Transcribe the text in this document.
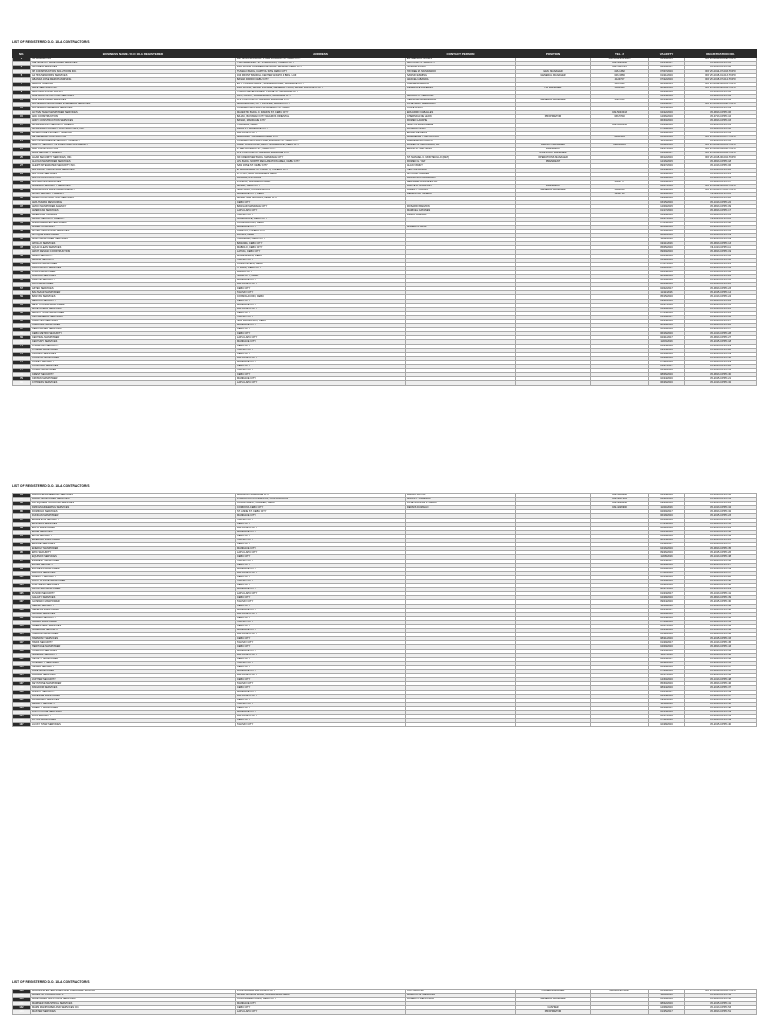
LIST OF REGISTERED D.O. 18-A CONTRACTOR/S
NO.	BUSINESS NAME / D.O 18-A REGISTERED	ADDRESS	CONTACT PERSON	POSITION	TEL. #	VALIDITY	REGISTRATION NO.
1	3G MARKETING	DR. 88 ROJAS BLDG. P. DEL ROSARIO ST. CEBU CITY	ESTRELLA D. ROJAS		260-3058/231-4885	12/10/2015	RO VII-2013-12-048-TCPO
2	3JE SKMPOTI MANPOWER SERVICES	7139 MABASSAY ST. POBLACION, TOLEDO CITY	JESTONIO S. SKMPOTI		032-3226466	01/15/2017	VII-0813-CPPO-05
3	3M CREW SERVICES	2ND FLOOR COMMERCIAL BLDG. BANILAD CEBU CITY	SUSANA PUNAY		032-5114725	04/30/2017	VII-1013-CPPO-06
4	3H CONSTRUCTION SOLUTIONS INC.	TUMALO BLDG, CAPITOL SITE CEBU CITY	HAYDEE M. MUNDANDO	GEN. MANAGER	416-1382	07/07/2016	RO VII-2014-07-003-TCPO
5	A4 HOUSEWORKS SERVICES	164 FRONT BANDILL CENTER ANGPO 4 BRG. LUZ	SANSIO ESMING	GENERAL MANAGER	343-3366	01/21/2016	RO VII-2015-01-013-TCPO
6	ABANDA JOSE MERCHANDISING	BASAK PARDO CEBU CITY	ARACELI ABANDA		4124707	07/22/2016	RO VII-2015-07-014-TCPO
7	ABAOG TRADING	EXT. TUNGKIL BLDG., SUMANDAN AVE., MANDAUE CITY	CARMENA ABAOG		3457040	06/10/2015	RO VII-2014-06-001-TCPO
8	ABLE SERVICES INC.	2ND FLOOR, BASAK VILLAGE, GENERAL TRIAS, BASAK LAPULAPU CITY	PENELOPE PALERMO	HR MANAGER	3464446	08/22/2016	RO VII-2015-08-009-TCPO
9	ABM INDUSTRIAL SUPPLY	TONDO DEVELOPMENT PLANE ST. MANDAUE CITY				02/26/2016	VII-1013-CPPO-03
10	ACE AUDIO & LIGHTING SERVICES	DPN, CANOY, SUBANGDAKU, MANDAUE CITY	ARNOLD C. VERZOSA			12/13/2016	VII-0813-CPPO-04
11	ACE MANPOWER SERVICES	A.S. FORTUNA ST. BANILAD MANDAUE CITY	HERMINIA ARMENDARIZ	GENERAL MANAGER	2387050	06/14/2016	VII-2015-CPPO-04
12	ACHIEVERS MANPOWER & GENERAL SERVICES	BAGUMBAYAN, CITY PROPER, MAASIN CITY	JOSE MARY ABELARDO			01/06/2017	RO VII-2013-12-008-TCPO
13	ACHIEVERS GENERAL SERVICES	CORNER LAPU-LAPU & URGELLO ST. CEBU	VIOLETA ROY			10/15/2016	VII-1013-CPPO-09
14	ACTIVE TEAM MANPOWER SERVICES	MAJESTIC BLDG. F. RAMOS ST. CEBU CITY	EDUARDO CABALLES		032-5043043	04/22/2016	VII-0813-CPPO-06
15	ADC CONSTRUCTION	BAJAC, BAYAWAN CITY NEGROS ORIENTAL	CHERNICA DE LEON	PROPRIETOR	333-5740	12/06/2016	VII-0713-CPPO-16
16	ADDY CONSTRUCTION SERVICES	BASAK, MANDAUE CITY	ROMEO LAVAPIE			06/30/2016	VII-0813-CPPO-03
17	ADVANCE ANTI-SECURITY AGENCY	TUBURAN, CEBU	SANTOS RASONABLE		032-6550043	01/26/2016	VII-2015-CPPO-01
18	ADVANCED PROJECT CONTRACTORS, INC.	RIZAL ST. MANDAUE CITY	ROSARIO GIDO			07/18/2016	VII-0813-CPPO-10
19	ADVENTURE PROJECT TRADING	LAPU-LAPU CITY	EDWIN DE LEON			02/28/2016	VII-1013-CPPO-14
20	AE GENERAL CONTRACTOR	BARANGAY TALAMBAN CEBU CITY	MARIBELLE T. DE CASTRO		3469-444	03/31/2016	RO VII-2013-12-007-TCPO
21	AFP INTELLIGENCE SECURITY AGENCY	CORNER LAPU-LAPU AVE, ESCARIO ST. CEBU CITY	DARLENE BATOBATO			11/15/2016	VII-2015-CPPO-05
22	AGILITY SECURITY & INVESTIGATION AGENCY	CAMP COMPOUND, BRGY. GUADALUPE, CEBU CITY	ROMEO G. DECOLAGO, JR.	BRANCH MANAGER	091858645	03/02/2016	RO VII-2016-03-001-TCPO
23	AGP CONSTRUCTION	P. DEL ROSARIO ST., CEBU CITY	ERWIN D. SANTIAGO	PRESIDENT		09/17/2016	RO VII-2015-09-002-TCPO
24	AIMS SECURITY AGENCY	A.S. FORTUNA ST. BANILAD MANDAUE CITY		ASSISTANT MANAGER		01/30/2017	RO VII-2013-12-004-TCPO
25	AGAR SECURITY SERVICES, INC.	3/F CREDOVER BLDG. MANDAUE CITY	ST. MANUEL C. MONTECILLO (RET)	OPERATIONS MANAGER		06/12/2016	RO VII-2015-06-004-TCPO
26	ALAYAN MANPOWER SERVICES	LPL BLDG. NORTH RECLAMATION AREA, CEBU CITY	ROMEO G. YAP	PRESIDENT		12/16/2015	VII-0813-CPPO-18
27	ALERT INTEGRATED SECURITY INC.	SAN JOSE ST. CEBU CITY	ALAN YAMUT			09/27/2016	VII-1013-CPPO-06
28	ALL FRONT INDUSTRIAL SERVICES	E. MACAPAGAL ST. LUNAY II, TOLEDO CITY	HECTOR BORJA			12/14/2015	VII-1013-CPPO-26
29	ALL STAR SERVICES	PIT HWY, BRG. BULAMBAN CEBU	ANTONIO SUAREZ			10/26/2016	VII-1013-CPPO-21
30	ALL-IN CONSTRUCTION	LANGUB, ASTURIAS	FRANCISCO ALVARADO			04/18/2016	VII-0813-CPPO-12
31	ALL-MAC ENTERPRISES	PONDOL, BULAMBAN CEBU	BERNABE GONZALES JR.		2661777	12/06/2015	VII-0813-CPPO-07
32	ALLEGRO SECURITY SERVICES	BASAK, CEBU CITY	DANTE D. RICAFORT	PRESIDENT		02/07/2016	RO VII-2014-02-003-TCPO
33	ALMAWORKS MANPOWER AGENCY	SANTIAGO, CONSOLACION	JAMES T. PAGUIO	GENERAL MANAGER	3964058	08/26/2016	RO VII-2015-07-003-TCPO
34	ALTEC SECURITY AGENCY	MANDAUE CITY, CEBU	REDENTOR TAÑEDO		5294718	06/20/2016	VII-0813-CPPO-11
35	AM&M CONSTRUCTION SERVICES	BASAK SAN NICOLAS, CEBU CITY				09/29/2016	VII-0813-CPPO-20
36	AMA HUMAN RESOURCE	CEBU CITY				03/15/2016	VII-1013-CPPO-22
37	AMCO MANPOWER AGENCY	BANILAD MANDAUE CITY	ROSARIO BANZON			12/09/2015	VII-0813-CPPO-09
38	AMERICAN SERVICES	LAPU-LAPU CITY	MARICEL CATANES			01/17/2016	VII-0813-CPPO-17
39	AMERICAN TRADING	TALISAY CITY	DINDO CUENCA			12/26/2016	VII-0813-CPPO-01
40	AMIGO SECURITY AGENCY	GUADALUPE, CEBU CITY				04/27/2016	VII-2015-CPPO-11
41	ANDROMEDA ENTERPRISES	CONSOLACION, CEBU				07/03/2016	VII-1013-CPPO-08
42	ANGEL'S LAUNDRY	MANDAUE CITY	ANGELITA CRUZ			08/08/2016	VII-2015-CPPO-07
43	ANTEC INDUSTRIAL SERVICES	CAMPUS, TOLEDO CITY				10/19/2016	VII-0813-CPPO-15
44	ANTIQUE MANPOWER	LILOAN, CEBU				06/01/2016	VII-1013-CPPO-19
45	APEX MANPOWER SERVICES	TALAMBAN, CEBU CITY				11/22/2016	VII-2015-CPPO-09
46	APOLLO SERVICES	BANAWA, CEBU CITY				02/11/2016	VII-0813-CPPO-13
47	AQUA CLEAN SERVICES	MABOLO, CEBU CITY				05/05/2016	VII-1013-CPPO-11
48	ARCH DESIGN CONSTRUCTION	LAHUG, CEBU CITY				09/09/2016	VII-0813-CPPO-19
49	ARIES SECURITY	MINGLANILLA, CEBU				03/03/2016	VII-2015-CPPO-03
50	ARMOR SECURITY	TALISAY CITY				12/12/2016	VII-1013-CPPO-16
51	ARROW MANPOWER	COMPOSTELA, CEBU				07/07/2016	VII-0813-CPPO-21
52	ASIA PACIFIC SERVICES	IT PARK, CEBU CITY				01/01/2017	VII-2015-CPPO-12
53	ATLAS MANPOWER	DANAO CITY				04/04/2016	VII-1013-CPPO-02
54	AURORA SERVICES	NAGA CITY, CEBU				08/18/2016	VII-0813-CPPO-22
55	AVANTE SECURITY	MANDAUE CITY				10/10/2016	VII-2015-CPPO-13
56	AXIS MANPOWER	LAPU-LAPU CITY				06/06/2016	VII-1013-CPPO-23
57	AZTEC SERVICES	CEBU CITY				02/02/2017	VII-0813-CPPO-23
58	BALTAZAR MANPOWER	TALISAY CITY				11/11/2016	VII-2015-CPPO-14
59	BANYAN SERVICES	CONSOLACION, CEBU				05/15/2016	VII-1013-CPPO-24
60	BEACON SECURITY	CEBU CITY				09/21/2016	VII-0813-CPPO-24
61	BEST CHOICE MANPOWER	MANDAUE CITY				03/27/2016	VII-2015-CPPO-15
62	BLUE OCEAN SERVICES	LAPU-LAPU CITY				12/20/2016	VII-1013-CPPO-25
63	BRIGHT STAR MANPOWER	CEBU CITY				07/14/2016	VII-0813-CPPO-25
64	C&J GENERAL SERVICES	TALISAY CITY				01/19/2017	VII-2015-CPPO-16
65	CAMOTES SERVICES	SAN FRANCISCO, CEBU				04/24/2016	VII-1013-CPPO-27
66	CARDINAL MANPOWER	MANDAUE CITY				08/29/2016	VII-0813-CPPO-26
67	CEBU ALLIED SERVICES	CEBU CITY				10/30/2016	VII-2015-CPPO-17
68	CEBU METRO SECURITY	CEBU CITY				06/16/2016	VII-1013-CPPO-28
69	CENTRAL MANPOWER	LAPU-LAPU CITY				02/21/2017	VII-0813-CPPO-27
70	CENTURY SERVICES	MANDAUE CITY				11/03/2016	VII-2015-CPPO-18
71	CHAMPION SECURITY	CEBU CITY				05/25/2016	VII-1013-CPPO-29
72	CITADEL MANPOWER	TALISAY CITY				09/13/2016	VII-0813-CPPO-28
73	CLASSIC SERVICES	CEBU CITY				03/19/2016	VII-2015-CPPO-19
74	COASTAL MANPOWER	LAPU-LAPU CITY				12/28/2016	VII-1013-CPPO-30
75	COMET SECURITY	MANDAUE CITY				07/22/2016	VII-0813-CPPO-29
76	CONCORD SERVICES	CEBU CITY				01/27/2017	VII-2015-CPPO-20
77	CORAL MANPOWER	TALISAY CITY				04/12/2016	VII-1013-CPPO-31
78	CREST SECURITY	CEBU CITY				08/06/2016	VII-0813-CPPO-30
79	CROWN MANPOWER	MANDAUE CITY				10/24/2016	VII-2015-CPPO-21
80	CYPRESS SERVICES	LAPU-LAPU CITY				06/26/2016	VII-1013-CPPO-32
LIST OF REGISTERED D.O. 18-A CONTRACTOR/S
81	DANICA ENGINEERING SERVICES	MAGUIKAY MANDAUE CITY	DANILO ROTOL		032-3456892	12/14/2016	VII-1013-CPPO-33
82	DAVAO MANPOWER SERVICES	POBLACION OCCIDENTAL, CONSOLACION	ALLAN P. VILLEGAS		032-4237891	04/21/2016	VII-0813-CPPO-31
83	DG SQUARE TRUCKING SERVICES	COGON WEST, CARMEN, CEBU	JOSE NICOLAS P. DIEGO		032-4299846	09/20/2016	VII-2015-CPPO-22
84	DMD ENGINEERING SERVICES	CORDOVA CEBU CITY	DENNIS DUMAGO		032-4226900	11/24/2016	VII-1013-CPPO-34
85	DOMINGO SERVICES	ST. ANNE ST. CEBU CITY				02/09/2017	VII-0813-CPPO-32
86	DUNCAN MANPOWER	MANDAUE CITY				06/18/2016	VII-2015-CPPO-23
87	EAGLE EYE SECURITY	TALISAY CITY				03/30/2016	VII-1013-CPPO-35
88	EASTERN SERVICES	CEBU CITY				07/25/2016	VII-0813-CPPO-33
89	ECHO MANPOWER	LAPU-LAPU CITY				10/02/2016	VII-2015-CPPO-24
90	EDGE SERVICES	MANDAUE CITY				12/05/2016	VII-1013-CPPO-36
91	ELITE SECURITY	CEBU CITY				05/08/2016	VII-0813-CPPO-34
92	EMERALD MANPOWER	TALISAY CITY				08/15/2016	VII-2015-CPPO-25
93	EMPIRE SERVICES	CEBU CITY				01/12/2017	VII-1013-CPPO-37
94	ENERGY MANPOWER	MANDAUE CITY				04/16/2016	VII-0813-CPPO-35
95	EPIC SECURITY	LAPU-LAPU CITY				09/26/2016	VII-2015-CPPO-26
96	EQUINOX SERVICES	CEBU CITY				11/08/2016	VII-1013-CPPO-38
97	EVEREST MANPOWER	TALISAY CITY				02/14/2017	VII-0813-CPPO-36
98	EXCEL SECURITY	CEBU CITY				06/29/2016	VII-2015-CPPO-27
99	EXPRESS MANPOWER	MANDAUE CITY				03/08/2016	VII-1013-CPPO-39
100	FALCON SERVICES	LAPU-LAPU CITY				07/31/2016	VII-0813-CPPO-37
101	FIDELITY SECURITY	CEBU CITY				10/13/2016	VII-2015-CPPO-28
102	FIRST CHOICE MANPOWER	TALISAY CITY				12/19/2016	VII-1013-CPPO-40
103	FORTRESS SERVICES	CEBU CITY				05/21/2016	VII-0813-CPPO-38
104	FRONTIER MANPOWER	MANDAUE CITY				08/27/2016	VII-2015-CPPO-29
105	FUSION SECURITY	LAPU-LAPU CITY				01/23/2017	VII-1013-CPPO-41
106	GALAXY SERVICES	CEBU CITY				04/28/2016	VII-0813-CPPO-39
107	GATEWAY MANPOWER	TALISAY CITY				09/04/2016	VII-2015-CPPO-30
108	GEMINI SECURITY	CEBU CITY				11/16/2016	VII-1013-CPPO-42
109	GENESIS MANPOWER	MANDAUE CITY				02/25/2017	VII-0813-CPPO-40
110	GLOBAL SERVICES	LAPU-LAPU CITY				06/09/2016	VII-2015-CPPO-31
111	GOLDEN SECURITY	CEBU CITY				03/14/2016	VII-1013-CPPO-43
112	GRAND MANPOWER	TALISAY CITY				07/19/2016	VII-0813-CPPO-41
113	GREEN LEAF SERVICES	CEBU CITY				10/07/2016	VII-2015-CPPO-32
114	GUARDIAN SECURITY	MANDAUE CITY				12/23/2016	VII-1013-CPPO-44
115	HARBOR MANPOWER	LAPU-LAPU CITY				05/12/2016	VII-0813-CPPO-42
116	HARMONY SERVICES	CEBU CITY				08/21/2016	VII-2015-CPPO-33
117	HAWK SECURITY	TALISAY CITY				01/29/2017	VII-1013-CPPO-45
118	HERITAGE MANPOWER	CEBU CITY				04/09/2016	VII-0813-CPPO-43
119	HORIZON SERVICES	MANDAUE CITY				09/16/2016	VII-2015-CPPO-34
120	IMPERIAL SECURITY	LAPU-LAPU CITY				11/27/2016	VII-1013-CPPO-46
121	INFINITY MANPOWER	CEBU CITY				02/03/2017	VII-0813-CPPO-44
122	INTEGRITY SERVICES	TALISAY CITY				06/22/2016	VII-2015-CPPO-35
123	ISLAND SECURITY	CEBU CITY				03/26/2016	VII-1013-CPPO-47
124	JADE MANPOWER	MANDAUE CITY				07/28/2016	VII-0813-CPPO-45
125	JAGUAR SERVICES	LAPU-LAPU CITY				10/17/2016	VII-2015-CPPO-36
126	JUPITER SECURITY	CEBU CITY				12/30/2016	VII-1013-CPPO-48
127	KEYSTONE MANPOWER	TALISAY CITY				05/30/2016	VII-0813-CPPO-46
128	KINGDOM SERVICES	CEBU CITY				08/24/2016	VII-2015-CPPO-37
129	KNIGHT SECURITY	MANDAUE CITY				01/05/2017	VII-1013-CPPO-49
130	LAKESIDE MANPOWER	LAPU-LAPU CITY				04/14/2016	VII-0813-CPPO-47
131	LANDMARK SERVICES	CEBU CITY				09/11/2016	VII-2015-CPPO-38
132	LEGACY SECURITY	TALISAY CITY				11/19/2016	VII-1013-CPPO-50
133	LIBERTY MANPOWER	CEBU CITY				02/18/2017	VII-0813-CPPO-48
134	LIGHTHOUSE SERVICES	MANDAUE CITY				06/13/2016	VII-2015-CPPO-39
135	LION SECURITY	LAPU-LAPU CITY				03/17/2016	VII-1013-CPPO-51
136	LOTUS MANPOWER	CEBU CITY				07/11/2016	VII-0813-CPPO-49
137	LUCKY STAR SERVICES	TALISAY CITY				10/28/2016	VII-2015-CPPO-40
LIST OF REGISTERED D.O. 18-A CONTRACTOR/S
138	MAGNOLIA ENTERPRISES AND CARRIAGE HAULING	POOL BANKAL LAPU-LAPU CITY	VICTORIA LIM	OWNER/MANAGER	6112813/9673867	03/18/2016	RO VII-2016-03-003-TCPO
139	MAJESTIC CONSULTANTS	BASAK ACCESS ROAD, MINGLANILLA CEBU	MARILOU M. MENDOZA			11/04/2016	VII-1013-CPPO-52
140	MANPOWER SOLUTIONS SERVICES	COLONNADE PLAZA, CEBU CITY	ROBERTO DELA CRUZ	GENERAL MANAGER		05/19/2016	VII-0813-CPPO-50
141	MARINER INDUSTRIAL SERVICES	MANDAUE CITY				08/02/2016	VII-2015-CPPO-41
142	MARS MANPOWER AND SERVICES CO.	CEBU CITY		CASHIER		12/08/2016	VII-1013-CPPO-53
143	MASTER SERVICES	LAPU-LAPU CITY		PROPRIETOR		01/25/2017	VII-0813-CPPO-51
